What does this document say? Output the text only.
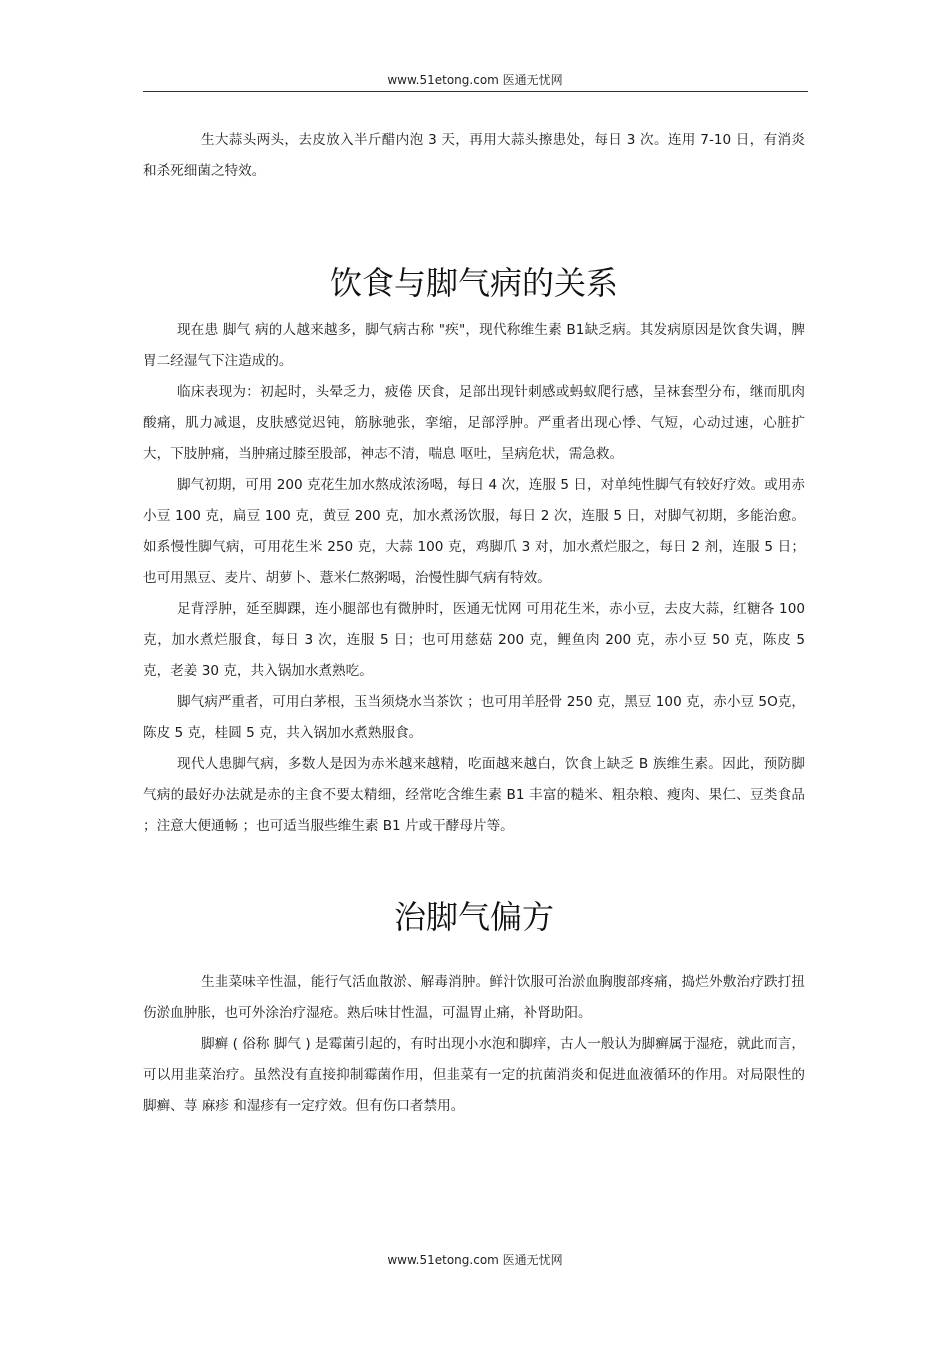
www.51etong.com 医通无忧网

生大蒜头两头，去皮放入半斤醋内泡 3 天，再用大蒜头擦患处，每日 3 次。连用 7-10 日，有消炎和杀死细菌之特效。

饮食与脚气病的关系

现在患 脚气 病的人越来越多，脚气病古称 "疾"，现代称维生素 B1缺乏病。其发病原因是饮食失调，脾胃二经湿气下注造成的。

临床表现为：初起时，头晕乏力，疲倦 厌食，足部出现针刺感或蚂蚁爬行感，呈袜套型分布，继而肌肉酸痛，肌力减退，皮肤感觉迟钝，筋脉驰张，挛缩，足部浮肿。严重者出现心悸、气短，心动过速，心脏扩大，下肢肿痛，当肿痛过膝至股部，神志不清，喘息 呕吐，呈病危状，需急救。

脚气初期，可用 200 克花生加水熬成浓汤喝，每日 4 次，连服 5 日，对单纯性脚气有较好疗效。或用赤小豆 100 克，扁豆 100 克，黄豆 200 克，加水煮汤饮服，每日 2 次，连服 5 日，对脚气初期，多能治愈。如系慢性脚气病，可用花生米 250 克，大蒜 100 克，鸡脚爪 3 对，加水煮烂服之，每日 2 剂，连服 5 日；也可用黑豆、麦片、胡萝卜、薏米仁熬粥喝，治慢性脚气病有特效。

足背浮肿，延至脚踝，连小腿部也有微肿时，医通无忧网 可用花生米，赤小豆，去皮大蒜，红糖各 100 克，加水煮烂服食，每日 3 次，连服 5 日；也可用慈菇 200 克，鲤鱼肉 200 克，赤小豆 50 克，陈皮 5 克，老姜 30 克，共入锅加水煮熟吃。

脚气病严重者，可用白茅根，玉当须烧水当茶饮 ；也可用羊胫骨 250 克，黑豆 100 克，赤小豆 5O克，陈皮 5 克，桂圆 5 克，共入锅加水煮熟服食。

现代人患脚气病，多数人是因为赤米越来越精，吃面越来越白，饮食上缺乏 B 族维生素。因此，预防脚气病的最好办法就是赤的主食不要太精细，经常吃含维生素 B1 丰富的糙米、粗杂粮、瘦肉、果仁、豆类食品 ；注意大便通畅 ；也可适当服些维生素 B1 片或干酵母片等。

治脚气偏方

生韭菜味辛性温，能行气活血散淤、解毒消肿。鲜汁饮服可治淤血胸腹部疼痛，捣烂外敷治疗跌打扭伤淤血肿胀，也可外涂治疗湿疮。熟后味甘性温，可温胃止痛，补肾助阳。

脚癣 ( 俗称 脚气 ) 是霉菌引起的，有时出现小水泡和脚痒，古人一般认为脚癣属于湿疮，就此而言，可以用韭菜治疗。虽然没有直接抑制霉菌作用，但韭菜有一定的抗菌消炎和促进血液循环的作用。对局限性的脚癣、荨 麻疹 和湿疹有一定疗效。但有伤口者禁用。

www.51etong.com 医通无忧网
